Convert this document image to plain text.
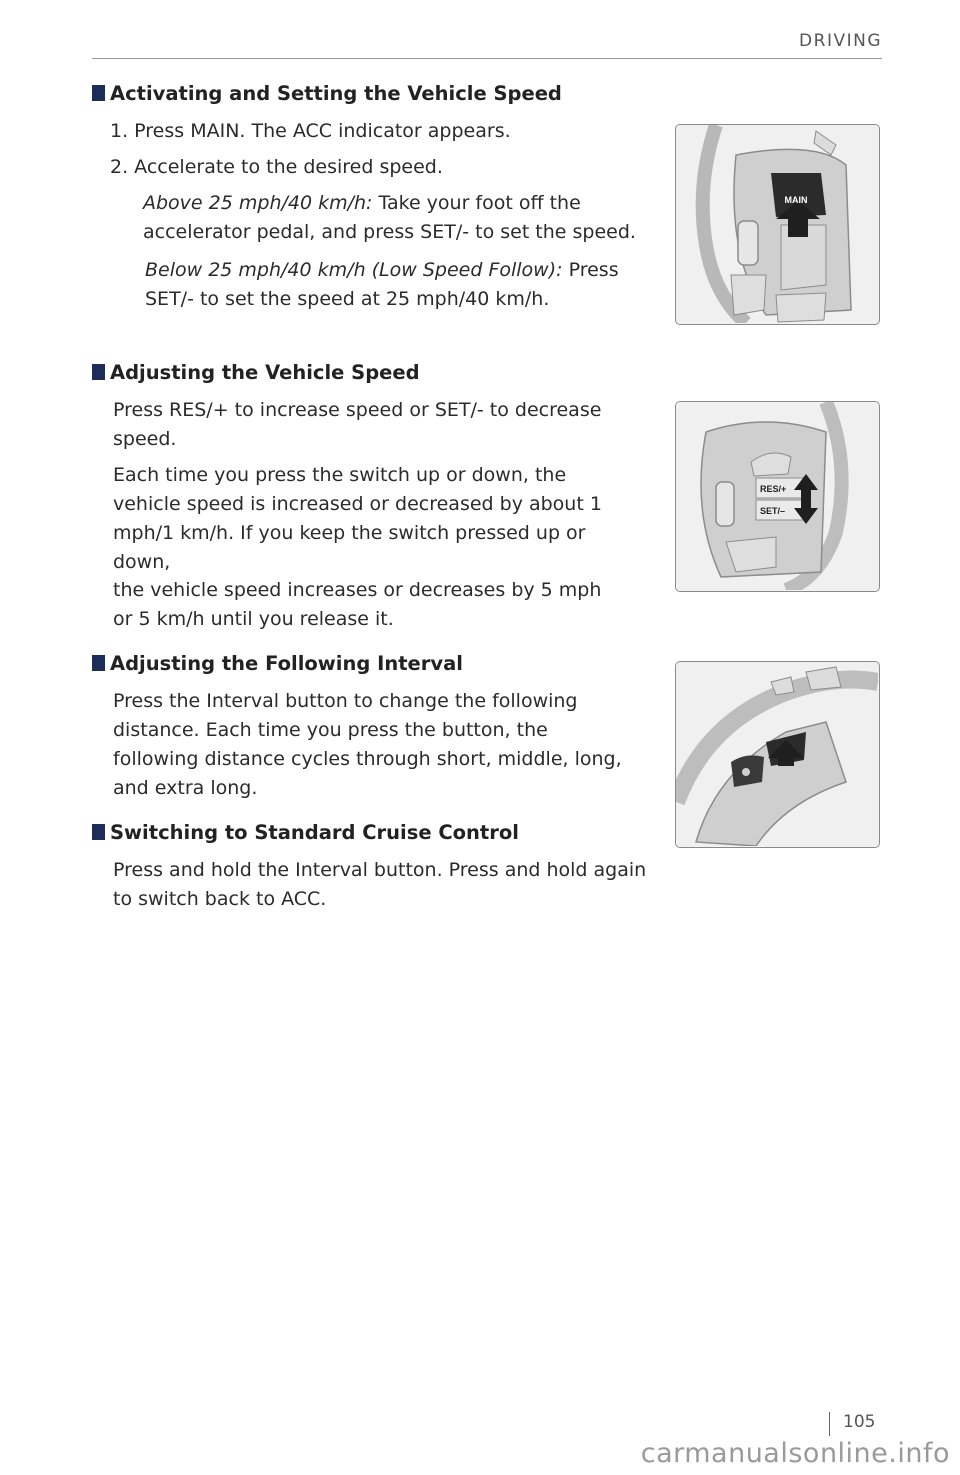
DRIVING
Activating and Setting the Vehicle Speed
1. Press MAIN. The ACC indicator appears.
2. Accelerate to the desired speed.
Above 25 mph/40 km/h: Take your foot off the accelerator pedal, and press SET/- to set the speed.
Below 25 mph/40 km/h (Low Speed Follow): Press SET/- to set the speed at 25 mph/40 km/h.
MAIN
Adjusting the Vehicle Speed
Press RES/+ to increase speed or SET/- to decrease speed.
Each time you press the switch up or down, the vehicle speed is increased or decreased by about 1 mph/1 km/h. If you keep the switch pressed up or down,
the vehicle speed increases or decreases by 5 mph or 5 km/h until you release it.
RES/+
SET/–
Adjusting the Following Interval
Press the Interval button to change the following distance. Each time you press the button, the following distance cycles through short, middle, long, and extra long.
Switching to Standard Cruise Control
Press and hold the Interval button. Press and hold again to switch back to ACC.
105
carmanualsonline.info
